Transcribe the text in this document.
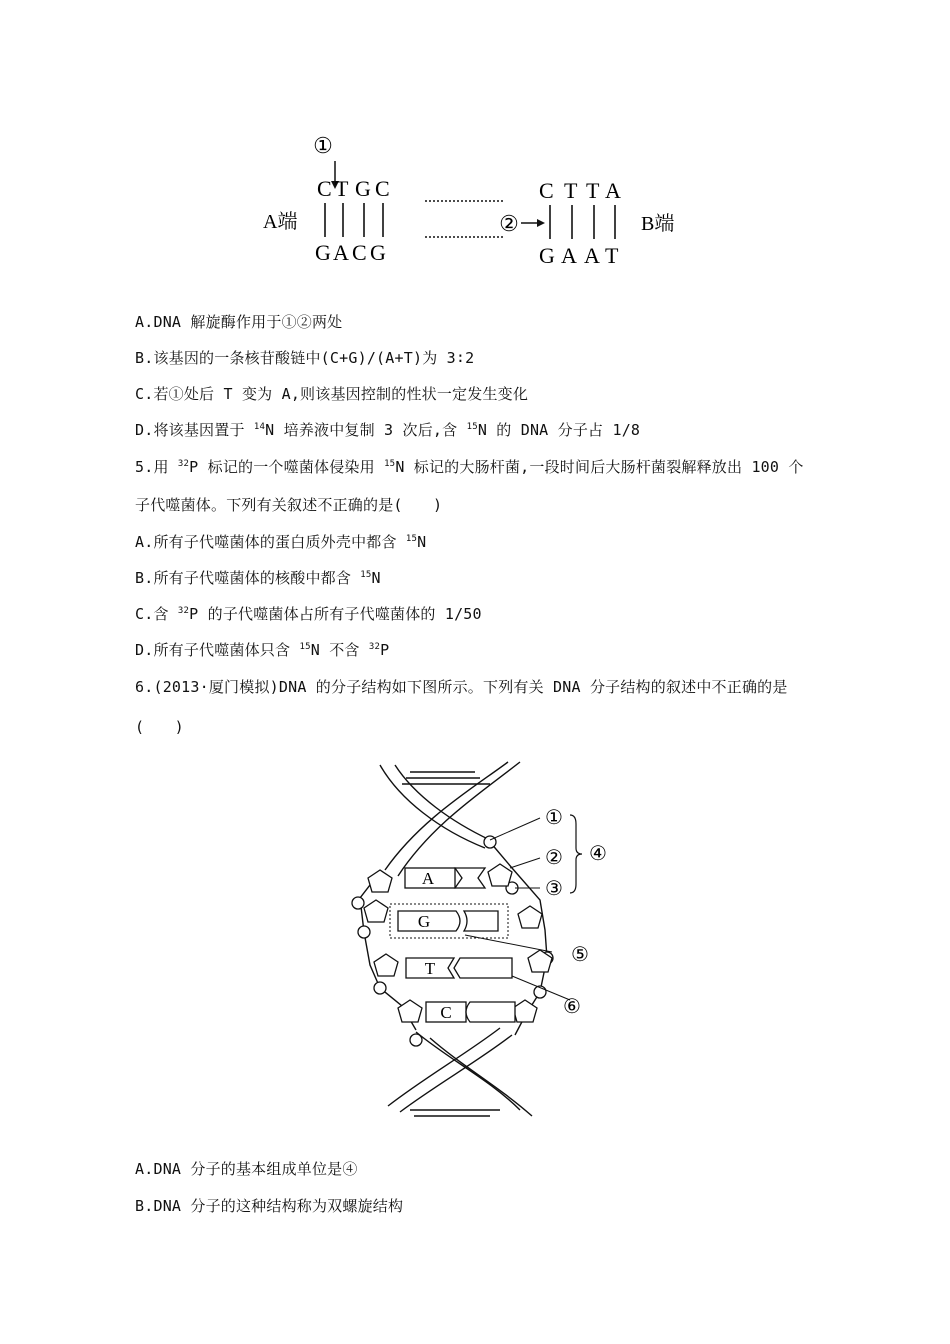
①
A端
C T G C
G A C G
②
C T T A
G A A T
B端
A.DNA 解旋酶作用于①②两处
B.该基因的一条核苷酸链中(C+G)/(A+T)为 3∶2
C.若①处后 T 变为 A,则该基因控制的性状一定发生变化
D.将该基因置于 $^{14}$N 培养液中复制 3 次后,含 $^{15}$N 的 DNA 分子占 1/8
5.用 $^{32}$P 标记的一个噬菌体侵染用 $^{15}$N 标记的大肠杆菌,一段时间后大肠杆菌裂解释放出 100 个
子代噬菌体。下列有关叙述不正确的是(　　)
A.所有子代噬菌体的蛋白质外壳中都含 $^{15}$N
B.所有子代噬菌体的核酸中都含 $^{15}$N
C.含 $^{32}$P 的子代噬菌体占所有子代噬菌体的 1/50
D.所有子代噬菌体只含 $^{15}$N 不含 $^{32}$P
6.(2013·厦门模拟)DNA 的分子结构如下图所示。下列有关 DNA 分子结构的叙述中不正确的是
(　　)
A
G
T
C
①
②
③
④
⑤
⑥
A.DNA 分子的基本组成单位是④
B.DNA 分子的这种结构称为双螺旋结构
